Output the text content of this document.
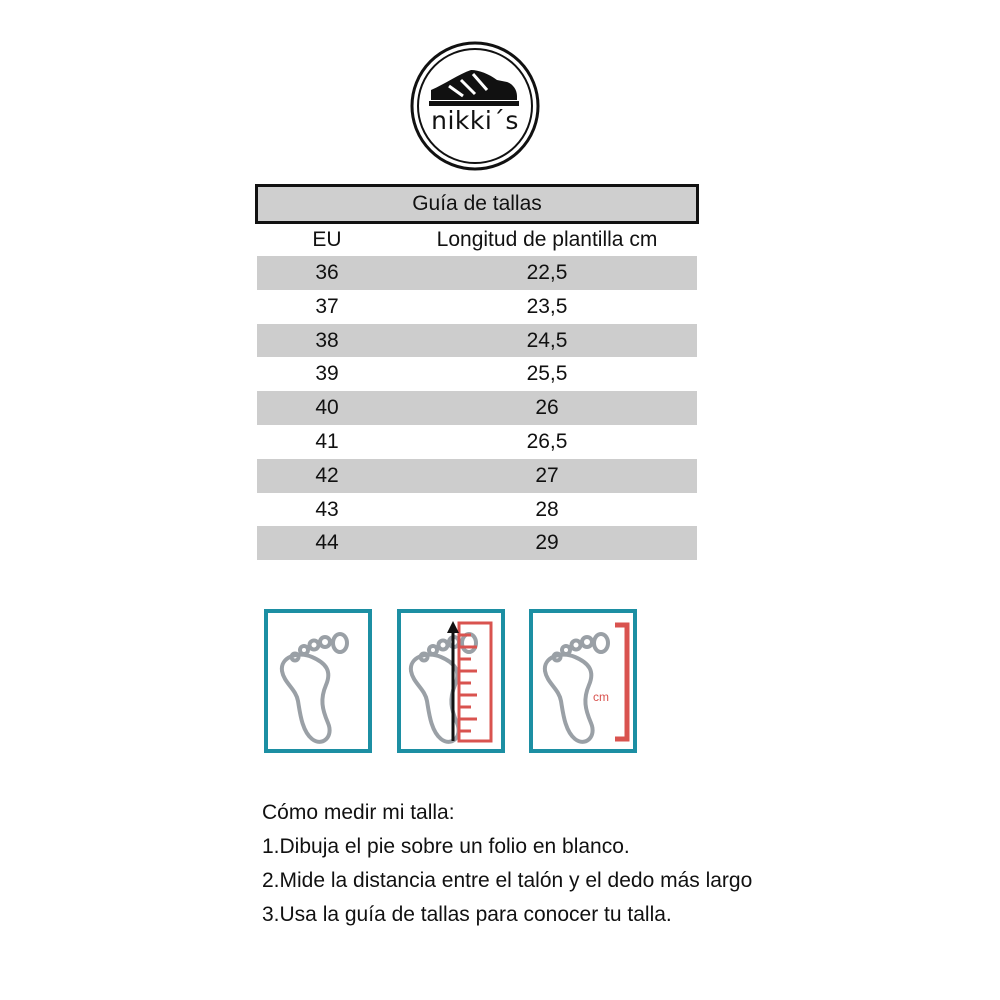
nikki´s
Guía de tallas
EU	Longitud de plantilla cm
36	22,5
37	23,5
38	24,5
39	25,5
40	26
41	26,5
42	27
43	28
44	29
cm
Cómo medir mi talla:
1.Dibuja el pie sobre un folio en blanco.
2.Mide la distancia entre el talón y el dedo más largo
3.Usa la guía de tallas para conocer tu talla.
